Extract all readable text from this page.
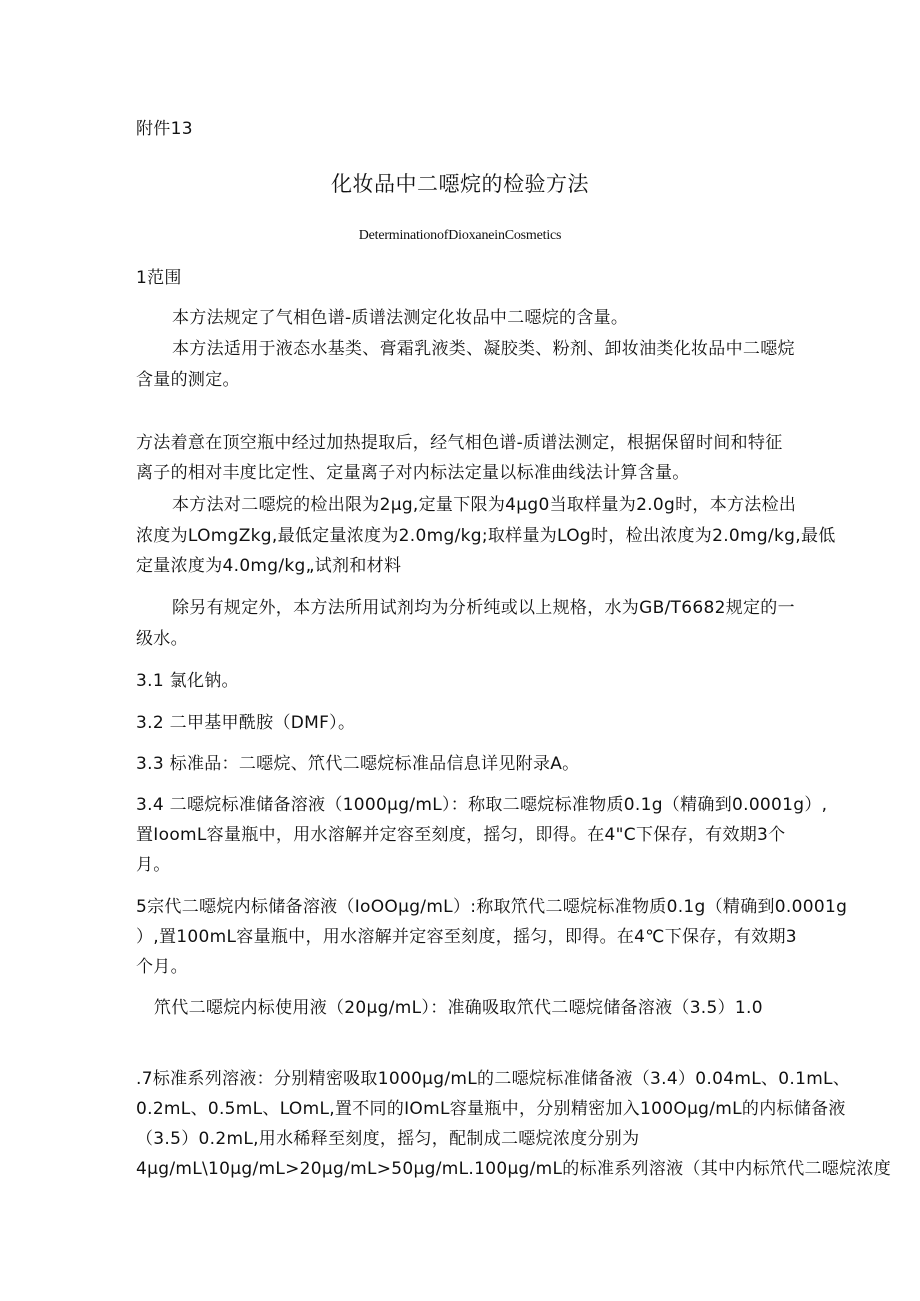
附件13
化妆品中二噁烷的检验方法
DeterminationofDioxaneinCosmetics
1范围
本方法规定了气相色谱-质谱法测定化妆品中二噁烷的含量。
本方法适用于液态水基类、膏霜乳液类、凝胶类、粉剂、卸妆油类化妆品中二噁烷
含量的测定。
方法着意在顶空瓶中经过加热提取后，经气相色谱-质谱法测定，根据保留时间和特征
离子的相对丰度比定性、定量离子对内标法定量以标准曲线法计算含量。
本方法对二噁烷的检出限为2μg,定量下限为4μg0当取样量为2.0g时，本方法检出
浓度为LOmgZkg,最低定量浓度为2.0mg/kg;取样量为LOg时，检出浓度为2.0mg/kg,最低
定量浓度为4.0mg/kg„试剂和材料
除另有规定外，本方法所用试剂均为分析纯或以上规格，水为GB/T6682规定的一
级水。
3.1 氯化钠。
3.2 二甲基甲酰胺（DMF）。
3.3 标准品：二噁烷、笊代二噁烷标准品信息详见附录A。
3.4 二噁烷标准储备溶液（1000μg/mL）：称取二噁烷标准物质0.1g（精确到0.0001g）,
置IoomL容量瓶中，用水溶解并定容至刻度，摇匀，即得。在4"C下保存，有效期3个
月。
5宗代二噁烷内标储备溶液（IoOOμg/mL）:称取笊代二噁烷标准物质0.1g（精确到0.0001g
）,置100mL容量瓶中，用水溶解并定容至刻度，摇匀，即得。在4℃下保存，有效期3
个月。
笊代二噁烷内标使用液（20μg/mL）：准确吸取笊代二噁烷储备溶液（3.5）1.0
.7标准系列溶液：分别精密吸取1000μg/mL的二噁烷标准储备液（3.4）0.04mL、0.1mL、
0.2mL、0.5mL、LOmL,置不同的IOmL容量瓶中，分别精密加入100Oμg/mL的内标储备液
（3.5）0.2mL,用水稀释至刻度，摇匀，配制成二噁烷浓度分别为
4μg/mL\10μg/mL>20μg/mL>50μg/mL.100μg/mL的标准系列溶液（其中内标笊代二噁烷浓度
